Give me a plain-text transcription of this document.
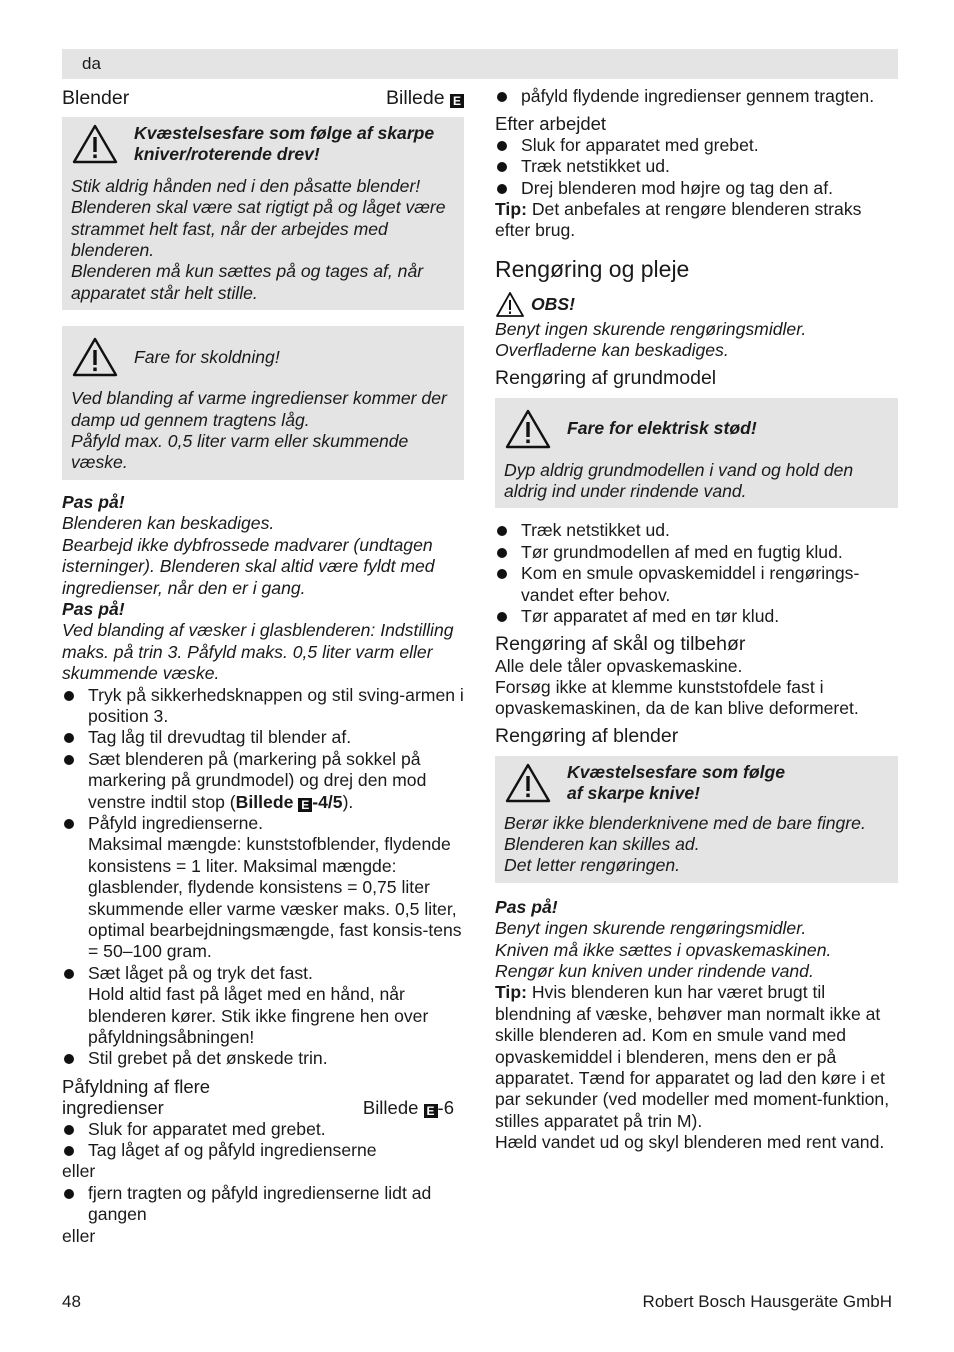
da
Blender	Billede E
Kvæstelsesfare som følge af skarpe kniver/roterende drev!

Stik aldrig hånden ned i den påsatte blender! Blenderen skal være sat rigtigt på og låget være strammet helt fast, når der arbejdes med blenderen.

Blenderen må kun sættes på og tages af, når apparatet står helt stille.

Fare for skoldning!

Ved blanding af varme ingredienser kommer der damp ud gennem tragtens låg.

Påfyld max. 0,5 liter varm eller skummende væske.

Pas på!

Blenderen kan beskadiges.

Bearbejd ikke dybfrossede madvarer (undtagen isterninger). Blenderen skal altid være fyldt med ingredienser, når den er i gang.

Pas på!

Ved blanding af væsker i glasblenderen: Indstilling maks. på trin 3. Påfyld maks. 0,5 liter varm eller skummende væske.

Tryk på sikkerhedsknappen og stil sving-armen i position 3.
Tag låg til drevudtag til blender af.
Sæt blenderen på (markering på sokkel på markering på grundmodel) og drej den mod venstre indtil stop (Billede E -4/5).
Påfyld ingredienserne.
Maksimal mængde: kunststofblender, flydende konsistens = 1 liter. Maksimal mængde: glasblender, flydende konsistens = 0,75 liter skummende eller varme væsker maks. 0,5 liter,
optimal bearbejdningsmængde, fast konsis-tens = 50–100 gram.
Sæt låget på og tryk det fast.
Hold altid fast på låget med en hånd, når blenderen kører. Stik ikke fingrene hen over påfyldningsåbningen!
Stil grebet på det ønskede trin.
Påfyldning af flere
ingredienser	Billede E -6
Sluk for apparatet med grebet.
Tag låget af og påfyld ingredienserne

eller

fjern tragten og påfyld ingredienserne lidt ad gangen

eller

påfyld flydende ingredienser gennem tragten.

Efter arbejdet

Sluk for apparatet med grebet.
Træk netstikket ud.
Drej blenderen mod højre og tag den af.

Tip: Det anbefales at rengøre blenderen straks efter brug.

Rengøring og pleje

OBS!

Benyt ingen skurende rengøringsmidler.

Overfladerne kan beskadiges.

Rengøring af grundmodel

Fare for elektrisk stød!

Dyp aldrig grundmodellen i vand og hold den aldrig ind under rindende vand.

Træk netstikket ud.
Tør grundmodellen af med en fugtig klud.
Kom en smule opvaskemiddel i rengørings-vandet efter behov.
Tør apparatet af med en tør klud.

Rengøring af skål og tilbehør

Alle dele tåler opvaskemaskine.

Forsøg ikke at klemme kunststofdele fast i opvaskemaskinen, da de kan blive deformeret.

Rengøring af blender

Kvæstelsesfare som følge
af skarpe knive!

Berør ikke blenderknivene med de bare fingre.

Blenderen kan skilles ad.

Det letter rengøringen.

Pas på!

Benyt ingen skurende rengøringsmidler.

Kniven må ikke sættes i opvaskemaskinen.

Rengør kun kniven under rindende vand.

Tip: Hvis blenderen kun har været brugt til blendning af væske, behøver man normalt ikke at skille blenderen ad. Kom en smule vand med opvaskemiddel i blenderen, mens den er på apparatet. Tænd for apparatet og lad den køre i et par sekunder (ved modeller med moment-funktion, stilles apparatet på trin M).

Hæld vandet ud og skyl blenderen med rent vand.

48	Robert Bosch Hausgeräte GmbH
